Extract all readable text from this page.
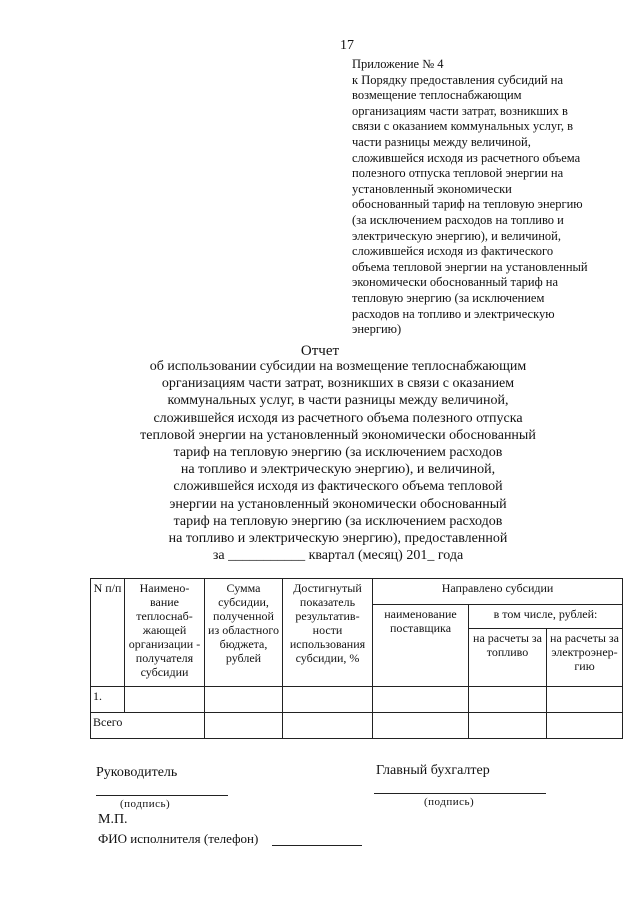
17
Приложение № 4
к Порядку предоставления субсидий на
возмещение теплоснабжающим
организациям части затрат, возникших в
связи с оказанием коммунальных услуг, в
части разницы между величиной,
сложившейся исходя из расчетного объема
полезного отпуска тепловой энергии на
установленный экономически
обоснованный тариф на тепловую энергию
(за исключением расходов на топливо и
электрическую энергию), и величиной,
сложившейся исходя из фактического
объема тепловой энергии на установленный
экономически обоснованный тариф на
тепловую энергию (за исключением
расходов на топливо и электрическую
энергию)
Отчет
об использовании субсидии на возмещение теплоснабжающим
организациям части затрат, возникших в связи с оказанием
коммунальных услуг, в части разницы между величиной,
сложившейся исходя из расчетного объема полезного отпуска
тепловой энергии на установленный экономически обоснованный
тариф на тепловую энергию (за исключением расходов
на топливо и электрическую энергию), и величиной,
сложившейся исходя из фактического объема тепловой
энергии на установленный экономически обоснованный
тариф на тепловую энергию (за исключением расходов
на топливо и электрическую энергию), предоставленной
за ___________ квартал (месяц) 201_ года
N п/п	Наимено-вание теплоснаб-жающей организации - получателя субсидии	Сумма субсидии, полученной из областного бюджета, рублей	Достигнутый показатель результатив-ности использования субсидии, %	Направлено субсидии		
				наименование поставщика	в том числе, рублей:	
					на расчеты за топливо	на расчеты за электроэнер-гию
1.						
Всего						
Руководитель	Главный бухгалтер
(подпись)	(подпись)
М.П.
ФИО исполнителя (телефон)
